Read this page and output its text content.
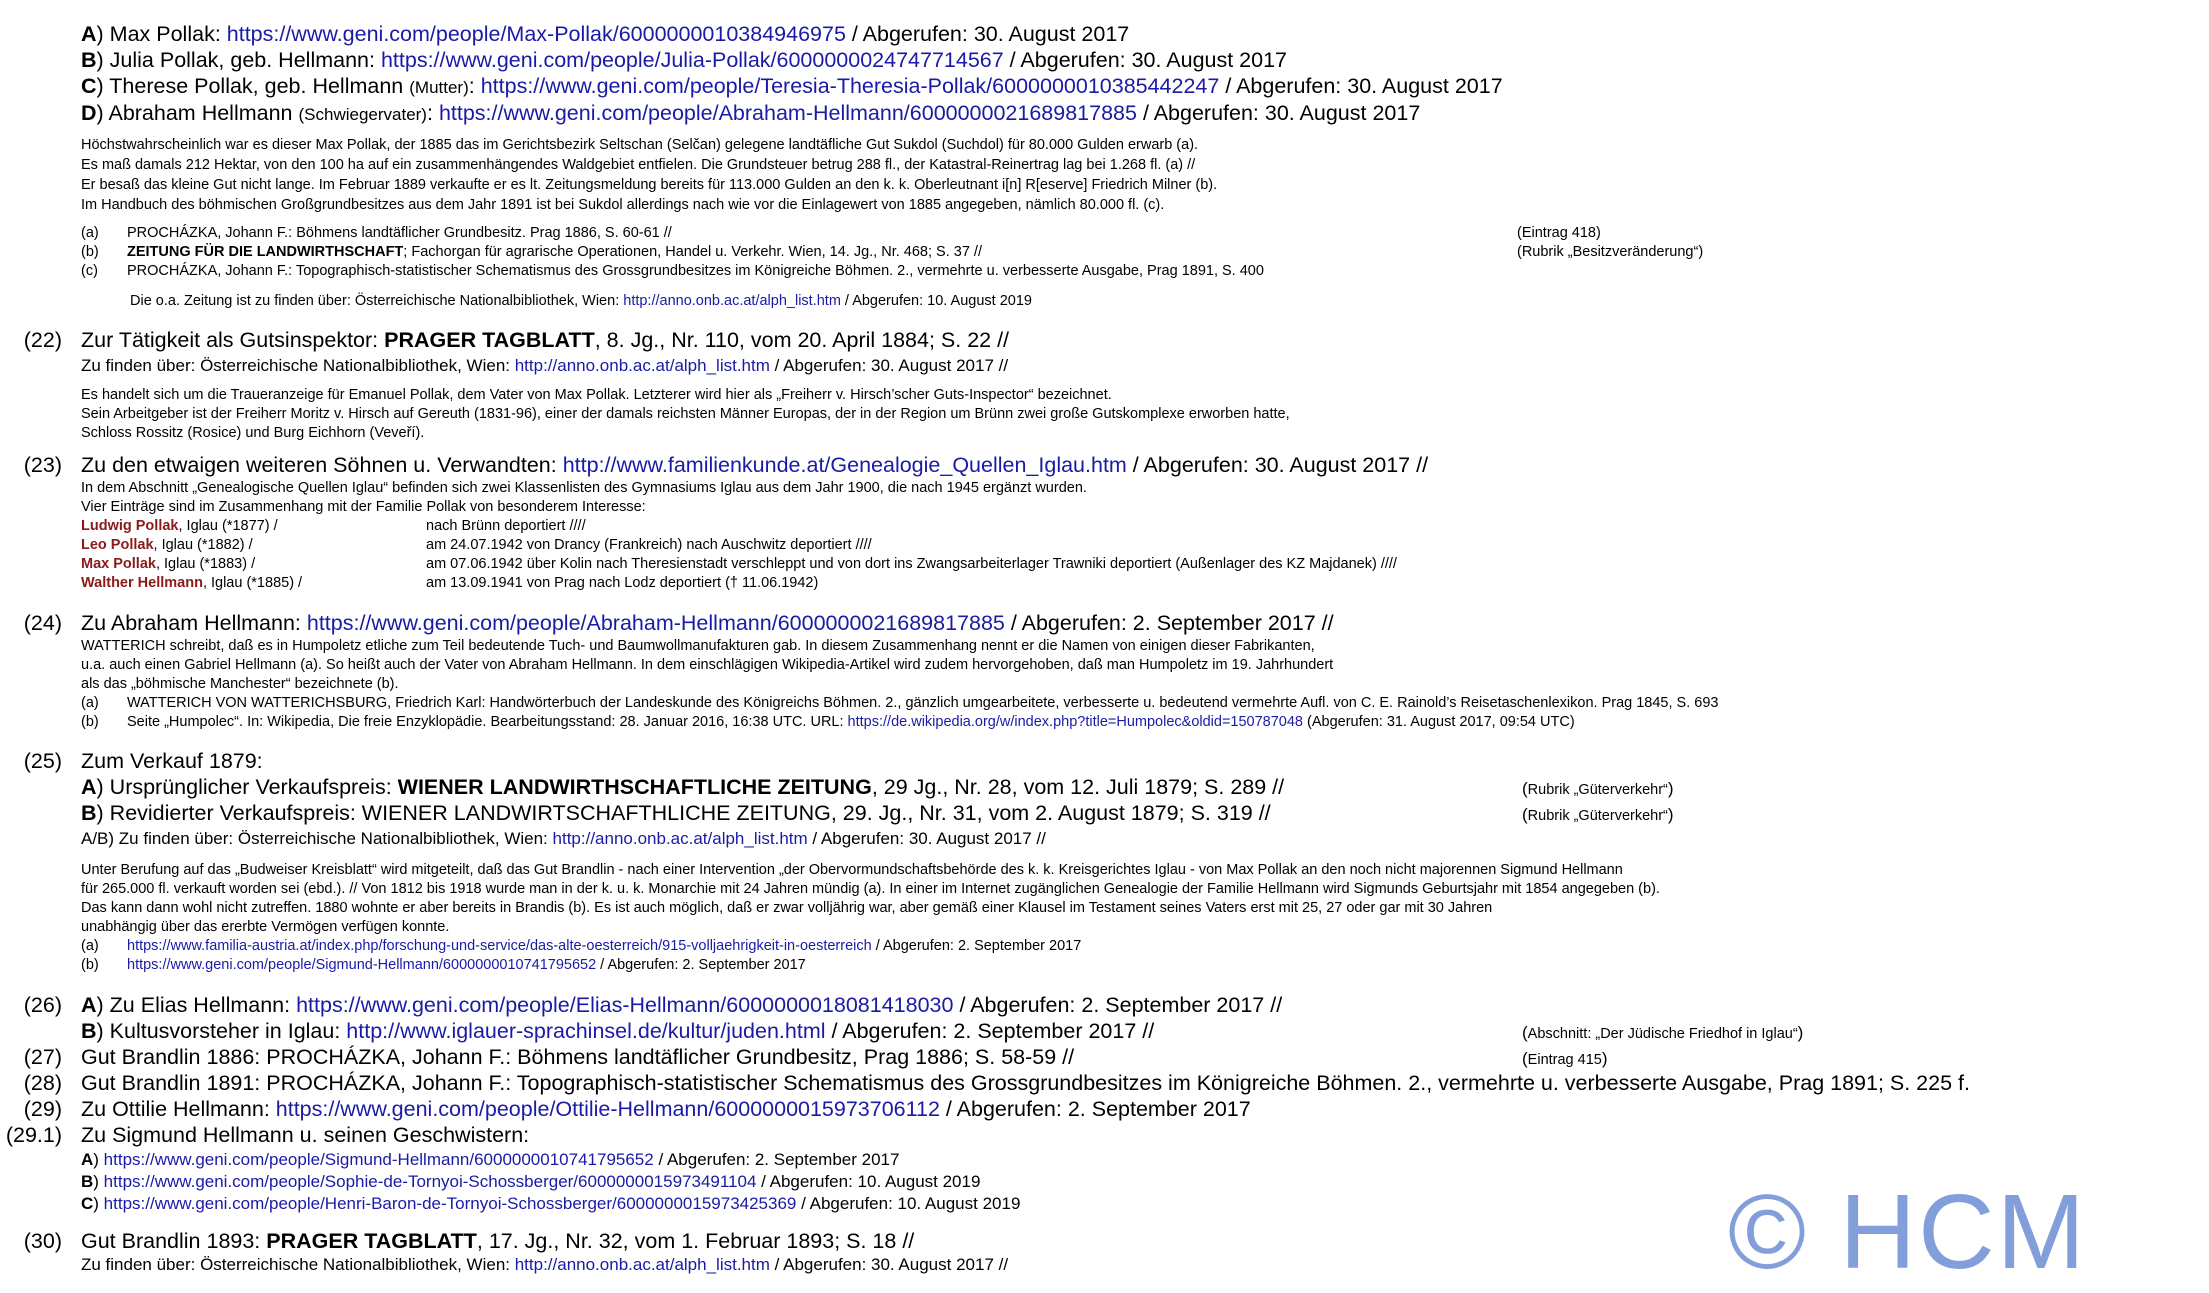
A) Max Pollak: https://www.geni.com/people/Max-Pollak/6000000010384946975 / Abgerufen: 30. August 2017
B) Julia Pollak, geb. Hellmann: https://www.geni.com/people/Julia-Pollak/6000000024747714567 / Abgerufen: 30. August 2017
C) Therese Pollak, geb. Hellmann (Mutter): https://www.geni.com/people/Teresia-Theresia-Pollak/6000000010385442247 / Abgerufen: 30. August 2017
D) Abraham Hellmann (Schwiegervater): https://www.geni.com/people/Abraham-Hellmann/6000000021689817885 / Abgerufen: 30. August 2017
Höchstwahrscheinlich war es dieser Max Pollak, der 1885 das im Gerichtsbezirk Seltschan (Selčan) gelegene landtäfliche Gut Sukdol (Suchdol) für 80.000 Gulden erwarb (a).
Es maß damals 212 Hektar, von den 100 ha auf ein zusammenhängendes Waldgebiet entfielen. Die Grundsteuer betrug 288 fl., der Katastral-Reinertrag lag bei 1.268 fl. (a) //
Er besaß das kleine Gut nicht lange. Im Februar 1889 verkaufte er es lt. Zeitungsmeldung bereits für 113.000 Gulden an den k. k. Oberleutnant i[n] R[eserve] Friedrich Milner (b).
Im Handbuch des böhmischen Großgrundbesitzes aus dem Jahr 1891 ist bei Sukdol allerdings nach wie vor die Einlagewert von 1885 angegeben, nämlich 80.000 fl. (c).
(a) PROCHÁZKA, Johann F.: Böhmens landtäflicher Grundbesitz. Prag 1886, S. 60-61 //	(Eintrag 418)
(b) ZEITUNG FÜR DIE LANDWIRTHSCHAFT; Fachorgan für agrarische Operationen, Handel u. Verkehr. Wien, 14. Jg., Nr. 468; S. 37 //	(Rubrik „Besitzveränderung“)
(c) PROCHÁZKA, Johann F.: Topographisch-statistischer Schematismus des Grossgrundbesitzes im Königreiche Böhmen. 2., vermehrte u. verbesserte Ausgabe, Prag 1891, S. 400
Die o.a. Zeitung ist zu finden über: Österreichische Nationalbibliothek, Wien: http://anno.onb.ac.at/alph_list.htm / Abgerufen: 10. August 2019
(22) Zur Tätigkeit als Gutsinspektor: PRAGER TAGBLATT, 8. Jg., Nr. 110, vom 20. April 1884; S. 22 //
Zu finden über: Österreichische Nationalbibliothek, Wien: http://anno.onb.ac.at/alph_list.htm / Abgerufen: 30. August 2017 //
Es handelt sich um die Traueranzeige für Emanuel Pollak, dem Vater von Max Pollak. Letzterer wird hier als „Freiherr v. Hirsch’scher Guts-Inspector“ bezeichnet.
Sein Arbeitgeber ist der Freiherr Moritz v. Hirsch auf Gereuth (1831-96), einer der damals reichsten Männer Europas, der in der Region um Brünn zwei große Gutskomplexe erworben hatte,
Schloss Rossitz (Rosice) und Burg Eichhorn (Veveří).
(23) Zu den etwaigen weiteren Söhnen u. Verwandten: http://www.familienkunde.at/Genealogie_Quellen_Iglau.htm / Abgerufen: 30. August 2017 //
In dem Abschnitt „Genealogische Quellen Iglau“ befinden sich zwei Klassenlisten des Gymnasiums Iglau aus dem Jahr 1900, die nach 1945 ergänzt wurden.
Vier Einträge sind im Zusammenhang mit der Familie Pollak von besonderem Interesse:
Ludwig Pollak, Iglau (*1877) /	nach Brünn deportiert ////
Leo Pollak, Iglau (*1882) /	am 24.07.1942 von Drancy (Frankreich) nach Auschwitz deportiert ////
Max Pollak, Iglau (*1883) /	am 07.06.1942 über Kolin nach Theresienstadt verschleppt und von dort ins Zwangsarbeiterlager Trawniki deportiert (Außenlager des KZ Majdanek) ////
Walther Hellmann, Iglau (*1885) /	am 13.09.1941 von Prag nach Lodz deportiert († 11.06.1942)
(24) Zu Abraham Hellmann: https://www.geni.com/people/Abraham-Hellmann/6000000021689817885 / Abgerufen: 2. September 2017 //
WATTERICH schreibt, daß es in Humpoletz etliche zum Teil bedeutende Tuch- und Baumwollmanufakturen gab. In diesem Zusammenhang nennt er die Namen von einigen dieser Fabrikanten,
u.a. auch einen Gabriel Hellmann (a). So heißt auch der Vater von Abraham Hellmann. In dem einschlägigen Wikipedia-Artikel wird zudem hervorgehoben, daß man Humpoletz im 19. Jahrhundert
als das „böhmische Manchester“ bezeichnete (b).
(a) WATTERICH VON WATTERICHSBURG, Friedrich Karl: Handwörterbuch der Landeskunde des Königreichs Böhmen. 2., gänzlich umgearbeitete, verbesserte u. bedeutend vermehrte Aufl. von C. E. Rainold’s Reisetaschenlexikon. Prag 1845, S. 693
(b) Seite „Humpolec“. In: Wikipedia, Die freie Enzyklopädie. Bearbeitungsstand: 28. Januar 2016, 16:38 UTC. URL: https://de.wikipedia.org/w/index.php?title=Humpolec&oldid=150787048 (Abgerufen: 31. August 2017, 09:54 UTC)
(25) Zum Verkauf 1879:
A) Ursprünglicher Verkaufspreis: WIENER LANDWIRTHSCHAFTLICHE ZEITUNG, 29 Jg., Nr. 28, vom 12. Juli 1879; S. 289 //	(Rubrik „Güterverkehr“)
B) Revidierter Verkaufspreis: WIENER LANDWIRTSCHAFTHLICHE ZEITUNG, 29. Jg., Nr. 31, vom 2. August 1879; S. 319 //	(Rubrik „Güterverkehr“)
A/B) Zu finden über: Österreichische Nationalbibliothek, Wien: http://anno.onb.ac.at/alph_list.htm / Abgerufen: 30. August 2017 //
Unter Berufung auf das „Budweiser Kreisblatt“ wird mitgeteilt, daß das Gut Brandlin - nach einer Intervention „der Obervormundschaftsbehörde des k. k. Kreisgerichtes Iglau - von Max Pollak an den noch nicht majorennen Sigmund Hellmann
für 265.000 fl. verkauft worden sei (ebd.). // Von 1812 bis 1918 wurde man in der k. u. k. Monarchie mit 24 Jahren mündig (a). In einer im Internet zugänglichen Genealogie der Familie Hellmann wird Sigmunds Geburtsjahr mit 1854 angegeben (b).
Das kann dann wohl nicht zutreffen. 1880 wohnte er aber bereits in Brandis (b). Es ist auch möglich, daß er zwar volljährig war, aber gemäß einer Klausel im Testament seines Vaters erst mit 25, 27 oder gar mit 30 Jahren
unabhängig über das ererbte Vermögen verfügen konnte.
(a) https://www.familia-austria.at/index.php/forschung-und-service/das-alte-oesterreich/915-volljaehrigkeit-in-oesterreich / Abgerufen: 2. September 2017
(b) https://www.geni.com/people/Sigmund-Hellmann/6000000010741795652 / Abgerufen: 2. September 2017
(26) A) Zu Elias Hellmann: https://www.geni.com/people/Elias-Hellmann/6000000018081418030 / Abgerufen: 2. September 2017 //
B) Kultusvorsteher in Iglau: http://www.iglauer-sprachinsel.de/kultur/juden.html / Abgerufen: 2. September 2017 //	(Abschnitt: „Der Jüdische Friedhof in Iglau“)
(27) Gut Brandlin 1886: PROCHÁZKA, Johann F.: Böhmens landtäflicher Grundbesitz, Prag 1886; S. 58-59 //	(Eintrag 415)
(28) Gut Brandlin 1891: PROCHÁZKA, Johann F.: Topographisch-statistischer Schematismus des Grossgrundbesitzes im Königreiche Böhmen. 2., vermehrte u. verbesserte Ausgabe, Prag 1891; S. 225 f.
(29) Zu Ottilie Hellmann: https://www.geni.com/people/Ottilie-Hellmann/6000000015973706112 / Abgerufen: 2. September 2017
(29.1) Zu Sigmund Hellmann u. seinen Geschwistern:
A) https://www.geni.com/people/Sigmund-Hellmann/6000000010741795652 / Abgerufen: 2. September 2017
B) https://www.geni.com/people/Sophie-de-Tornyoi-Schossberger/6000000015973491104 / Abgerufen: 10. August 2019
C) https://www.geni.com/people/Henri-Baron-de-Tornyoi-Schossberger/6000000015973425369 / Abgerufen: 10. August 2019
(30) Gut Brandlin 1893: PRAGER TAGBLATT, 17. Jg., Nr. 32, vom 1. Februar 1893; S. 18 //
Zu finden über: Österreichische Nationalbibliothek, Wien: http://anno.onb.ac.at/alph_list.htm / Abgerufen: 30. August 2017 //	© HCM
